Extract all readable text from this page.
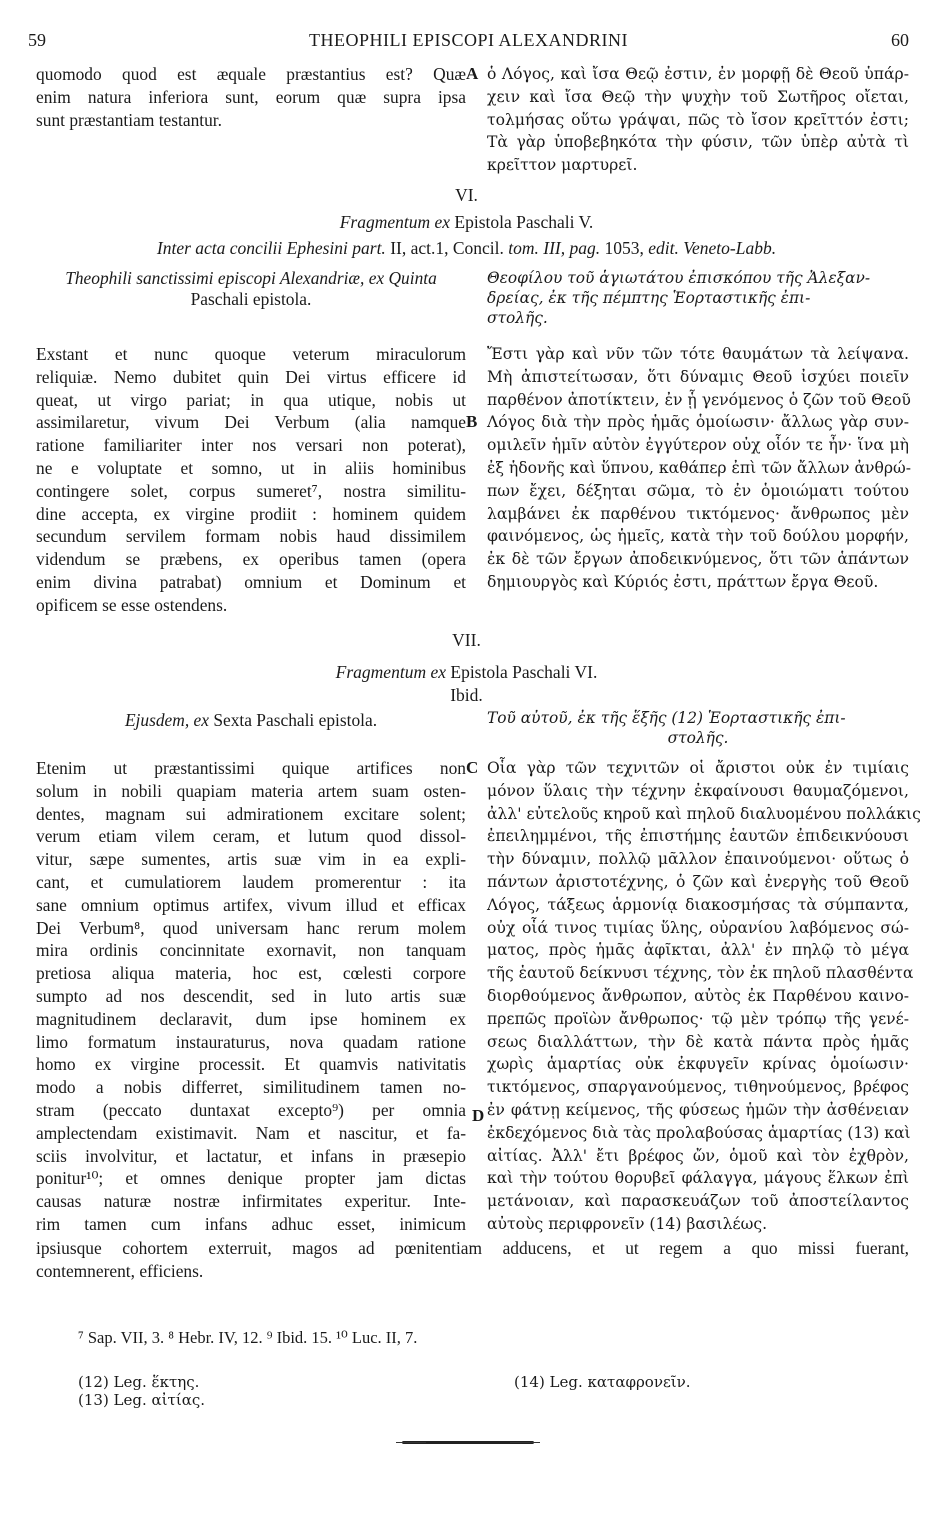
59	THEOPHILI EPISCOPI ALEXANDRINI	60
quomodo quod est æquale præstantius est? Quæ
enim natura inferiora sunt, eorum quæ supra ipsa
sunt præstantiam testantur.
A ὁ Λόγος, καὶ ἴσα Θεῷ ἐστιν, ἐν μορφῇ δὲ Θεοῦ ὑπάρ-
χειν καὶ ἴσα Θεῷ τὴν ψυχὴν τοῦ Σωτῆρος οἴεται,
τολμήσας οὕτω γράψαι, πῶς τὸ ἴσον κρεῖττόν ἐστι;
Τὰ γὰρ ὑποβεβηκότα τὴν φύσιν, τῶν ὑπὲρ αὐτὰ τὶ
κρεῖττον μαρτυρεῖ.
VI.
Fragmentum ex Epistola Paschali V.
Inter acta concilii Ephesini part. II, act.1, Concil. tom. III, pag. 1053, edit. Veneto-Labb.
Theophili sanctissimi episcopi Alexandriæ, ex Quinta
Paschali epistola.
Θεοφίλου τοῦ ἁγιωτάτου ἐπισκόπου τῆς Ἀλεξαν-
δρείας, ἐκ τῆς πέμπτης Ἑορταστικῆς ἐπι-
στολῆς.
Exstant et nunc quoque veterum miraculorum
reliquiæ. Nemo dubitet quin Dei virtus efficere id
queat, ut virgo pariat; in qua utique, nobis ut
assimilaretur, vivum Dei Verbum (alia namque
ratione familiariter inter nos versari non poterat),
ne e voluptate et somno, ut in aliis hominibus
contingere solet, corpus sumeret⁷, nostra similitu-
dine accepta, ex virgine prodiit : hominem quidem
secundum servilem formam nobis haud dissimilem
videndum se præbens, ex operibus tamen (opera
enim divina patrabat) omnium et Dominum et
opificem se esse ostendens.
B
Ἔστι γὰρ καὶ νῦν τῶν τότε θαυμάτων τὰ λείψανα.
Μὴ ἀπιστείτωσαν, ὅτι δύναμις Θεοῦ ἰσχύει ποιεῖν
παρθένον ἀποτίκτειν, ἐν ᾗ γενόμενος ὁ ζῶν τοῦ Θεοῦ
Λόγος διὰ τὴν πρὸς ἡμᾶς ὁμοίωσιν· ἄλλως γὰρ συν-
ομιλεῖν ἡμῖν αὐτὸν ἐγγύτερον οὐχ οἷόν τε ἦν· ἵνα μὴ
ἐξ ἡδονῆς καὶ ὕπνου, καθάπερ ἐπὶ τῶν ἄλλων ἀνθρώ-
πων ἔχει, δέξηται σῶμα, τὸ ἐν ὁμοιώματι τούτου
λαμβάνει ἐκ παρθένου τικτόμενος· ἄνθρωπος μὲν
φαινόμενος, ὡς ἡμεῖς, κατὰ τὴν τοῦ δούλου μορφήν,
ἐκ δὲ τῶν ἔργων ἀποδεικνύμενος, ὅτι τῶν ἁπάντων
δημιουργὸς καὶ Κύριός ἐστι, πράττων ἔργα Θεοῦ.
VII.
Fragmentum ex Epistola Paschali VI.
Ibid.
Ejusdem, ex Sexta Paschali epistola.	Τοῦ αὐτοῦ, ἐκ τῆς ἕξῆς (12) Ἑορταστικῆς ἐπι-
στολῆς.
Etenim ut præstantissimi quique artifices non
solum in nobili quapiam materia artem suam osten-
dentes, magnam sui admirationem excitare solent;
verum etiam vilem ceram, et lutum quod dissol-
vitur, sæpe sumentes, artis suæ vim in ea expli-
cant, et cumulatiorem laudem promerentur : ita
sane omnium optimus artifex, vivum illud et efficax
Dei Verbum⁸, quod universam hanc rerum molem
mira ordinis concinnitate exornavit, non tanquam
pretiosa aliqua materia, hoc est, cœlesti corpore
sumpto ad nos descendit, sed in luto artis suæ
magnitudinem declaravit, dum ipse hominem ex
limo formatum instauraturus, nova quadam ratione
homo ex virgine processit. Et quamvis nativitatis
modo a nobis differret, similitudinem tamen no-
stram (peccato duntaxat excepto⁹) per omnia
amplectendam existimavit. Nam et nascitur, et fa-
sciis involvitur, et lactatur, et infans in præsepio
ponitur¹⁰; et omnes denique propter jam dictas
causas naturæ nostræ infirmitates experitur. Inte-
rim tamen cum infans adhuc esset, inimicum
C
D
Οἷα γὰρ τῶν τεχνιτῶν οἱ ἄριστοι οὐκ ἐν τιμίαις
μόνον ὕλαις τὴν τέχνην ἐκφαίνουσι θαυμαζόμενοι,
ἀλλ' εὐτελοῦς κηροῦ καὶ πηλοῦ διαλυομένου πολλάκις
ἐπειλημμένοι, τῆς ἐπιστήμης ἑαυτῶν ἐπιδεικνύουσι
τὴν δύναμιν, πολλῷ μᾶλλον ἐπαινούμενοι· οὕτως ὁ
πάντων ἀριστοτέχνης, ὁ ζῶν καὶ ἐνεργὴς τοῦ Θεοῦ
Λόγος, τάξεως ἁρμονίᾳ διακοσμήσας τὰ σύμπαντα,
οὐχ οἷά τινος τιμίας ὕλης, οὐρανίου λαβόμενος σώ-
ματος, πρὸς ἡμᾶς ἀφῖκται, ἀλλ' ἐν πηλῷ τὸ μέγα
τῆς ἑαυτοῦ δείκνυσι τέχνης, τὸν ἐκ πηλοῦ πλασθέντα
διορθούμενος ἄνθρωπον, αὐτὸς ἐκ Παρθένου καινο-
πρεπῶς προϊὼν ἄνθρωπος· τῷ μὲν τρόπῳ τῆς γενέ-
σεως διαλλάττων, τὴν δὲ κατὰ πάντα πρὸς ἡμᾶς
χωρὶς ἁμαρτίας οὐκ ἐκφυγεῖν κρίνας ὁμοίωσιν·
τικτόμενος, σπαργανούμενος, τιθηνούμενος, βρέφος
ἐν φάτνῃ κείμενος, τῆς φύσεως ἡμῶν τὴν ἀσθένειαν
ἐκδεχόμενος διὰ τὰς προλαβούσας ἁμαρτίας (13) καὶ
αἰτίας. Ἀλλ' ἔτι βρέφος ὤν, ὁμοῦ καὶ τὸν ἐχθρὸν,
καὶ τὴν τούτου θορυβεῖ φάλαγγα, μάγους ἕλκων ἐπὶ
μετάνοιαν, καὶ παρασκευάζων τοῦ ἀποστείλαντος
αὐτοὺς περιφρονεῖν (14) βασιλέως.
ipsiusque cohortem exterruit, magos ad pœnitentiam adducens, et ut regem a quo missi fuerant,
contemnerent, efficiens.
⁷ Sap. VII, 3. ⁸ Hebr. IV, 12. ⁹ Ibid. 15. ¹⁰ Luc. II, 7.
(12) Leg. ἕκτης.
(13) Leg. αἰτίας.
(14) Leg. καταφρονεῖν.
